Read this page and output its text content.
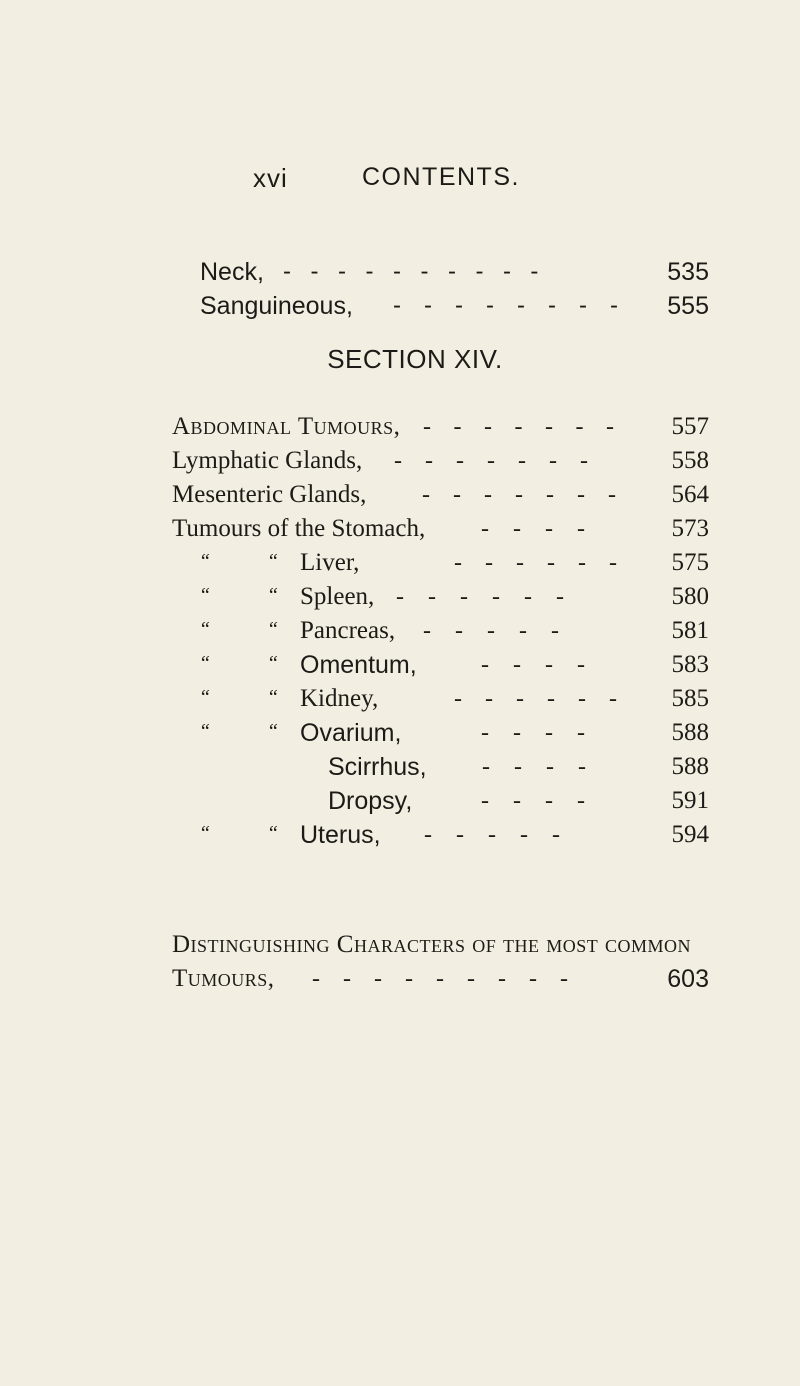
xvi	CONTENTS.
Neck, ----------	535
Sanguineous, -------- 555
SECTION XIV.
Abdominal Tumours, ------- 557
Lymphatic Glands, ------- 558
Mesenteric Glands, ------- 564
Tumours of the Stomach, ----	573
“	“ Liver,	------ 575
“	“ Spleen, ------	580
“	“ Pancreas, -----	581
“	“ Omentum,	----	583
“	“ Kidney,	------ 585
“	“ Ovarium,	----	588
Scirrhus, ---- 588
Dropsy,	----	591
“	“ Uterus, -----	594
Distinguishing Characters of the most common
Tumours, ---------	603
